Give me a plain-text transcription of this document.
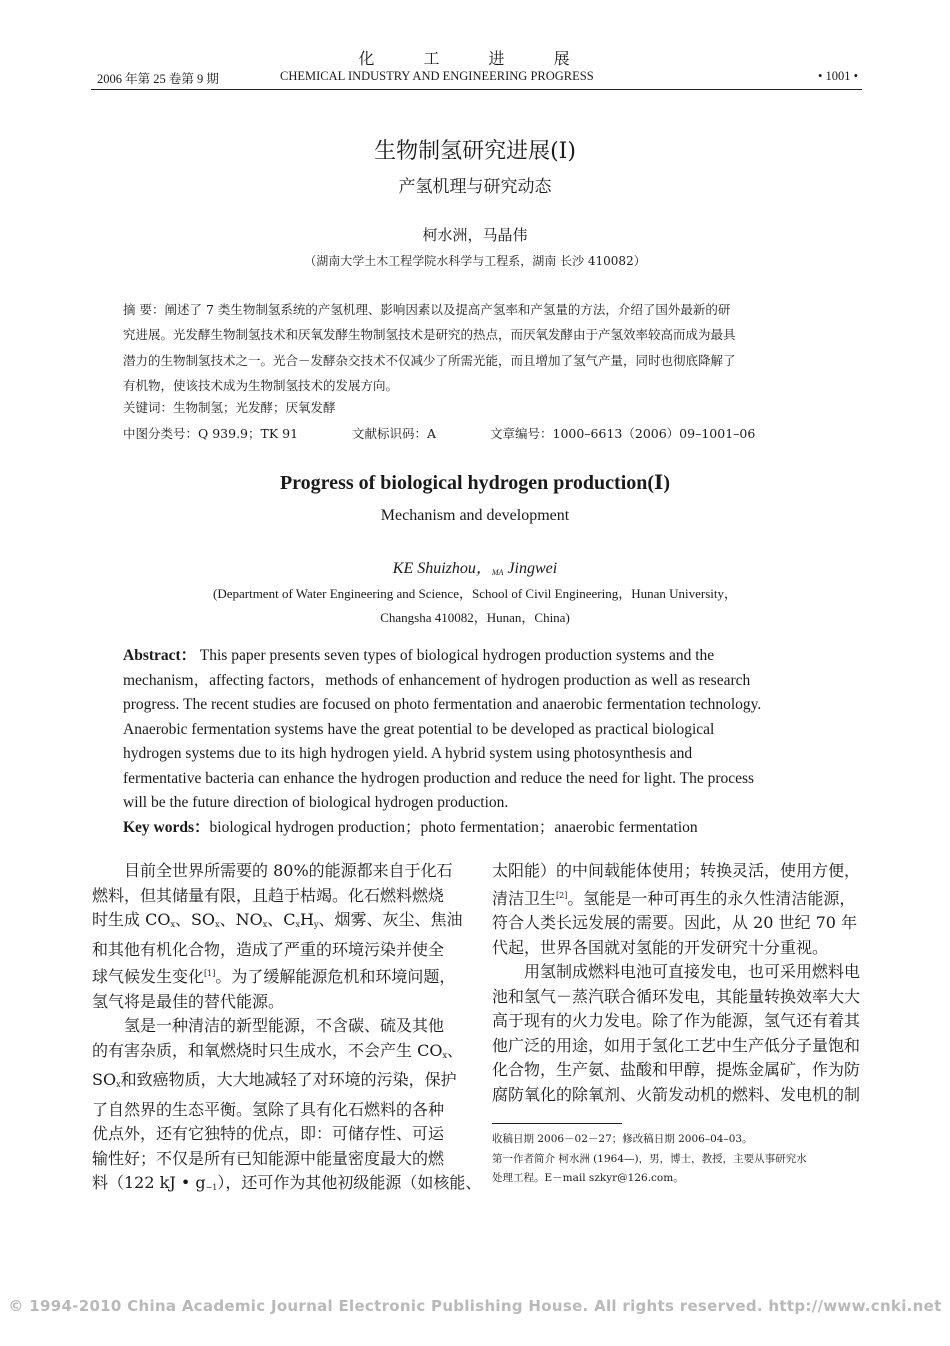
化 工 进 展
2006 年第 25 卷第 9 期	CHEMICAL INDUSTRY AND ENGINEERING PROGRESS	• 1001 •
生物制氢研究进展(Ⅰ)
产氢机理与研究动态
柯水洲，马晶伟
（湖南大学土木工程学院水科学与工程系，湖南 长沙 410082）
摘 要：阐述了 7 类生物制氢系统的产氢机理、影响因素以及提高产氢率和产氢量的方法，介绍了国外最新的研
究进展。光发酵生物制氢技术和厌氧发酵生物制氢技术是研究的热点，而厌氧发酵由于产氢效率较高而成为最具
潜力的生物制氢技术之一。光合－发酵杂交技术不仅减少了所需光能，而且增加了氢气产量，同时也彻底降解了
有机物，使该技术成为生物制氢技术的发展方向。
关键词：生物制氢；光发酵；厌氧发酵
中图分类号：Q 939.9；TK 91	文献标识码：A	文章编号：1000–6613（2006）09–1001–06
Progress of biological hydrogen production(Ⅰ)
Mechanism and development
KE Shuizhou，$_{MA}$ Jingwei
(Department of Water Engineering and Science，School of Civil Engineering，Hunan University，
Changsha 410082，Hunan，China)
Abstract： This paper presents seven types of biological hydrogen production systems and the
mechanism，affecting factors，methods of enhancement of hydrogen production as well as research
progress. The recent studies are focused on photo fermentation and anaerobic fermentation technology.
Anaerobic fermentation systems have the great potential to be developed as practical biological
hydrogen systems due to its high hydrogen yield. A hybrid system using photosynthesis and
fermentative bacteria can enhance the hydrogen production and reduce the need for light. The process
will be the future direction of biological hydrogen production.
Key words：biological hydrogen production；photo fermentation；anaerobic fermentation
　　目前全世界所需要的 80%的能源都来自于化石
燃料，但其储量有限，且趋于枯竭。化石燃料燃烧
时生成 $CO_x$、$SO_x$、$NO_x$、$C_xH_y$、烟雾、灰尘、焦油
和其他有机化合物，造成了严重的环境污染并使全
球气候发生变化[1]。为了缓解能源危机和环境问题，
氢气将是最佳的替代能源。
　　氢是一种清洁的新型能源，不含碳、硫及其他
的有害杂质，和氧燃烧时只生成水，不会产生 $CO_x$、
$SO_x$和致癌物质，大大地减轻了对环境的污染，保护
了自然界的生态平衡。氢除了具有化石燃料的各种
优点外，还有它独特的优点，即：可储存性、可运
输性好；不仅是所有已知能源中能量密度最大的燃
料（122 kJ • $g_{-1}$），还可作为其他初级能源（如核能、
太阳能）的中间载能体使用；转换灵活，使用方便，
清洁卫生[2]。氢能是一种可再生的永久性清洁能源，
符合人类长远发展的需要。因此，从 20 世纪 70 年
代起，世界各国就对氢能的开发研究十分重视。
　　用氢制成燃料电池可直接发电，也可采用燃料电
池和氢气－蒸汽联合循环发电，其能量转换效率大大
高于现有的火力发电。除了作为能源，氢气还有着其
他广泛的用途，如用于氢化工艺中生产低分子量饱和
化合物，生产氨、盐酸和甲醇，提炼金属矿，作为防
腐防氧化的除氧剂、火箭发动机的燃料、发电机的制
收稿日期 2006－02－27；修改稿日期 2006–04–03。
第一作者简介 柯水洲 (1964—)，男，博士，教授，主要从事研究水
处理工程。E－mail szkyr@126.com。
© 1994-2010 China Academic Journal Electronic Publishing House. All rights reserved. http://www.cnki.net
